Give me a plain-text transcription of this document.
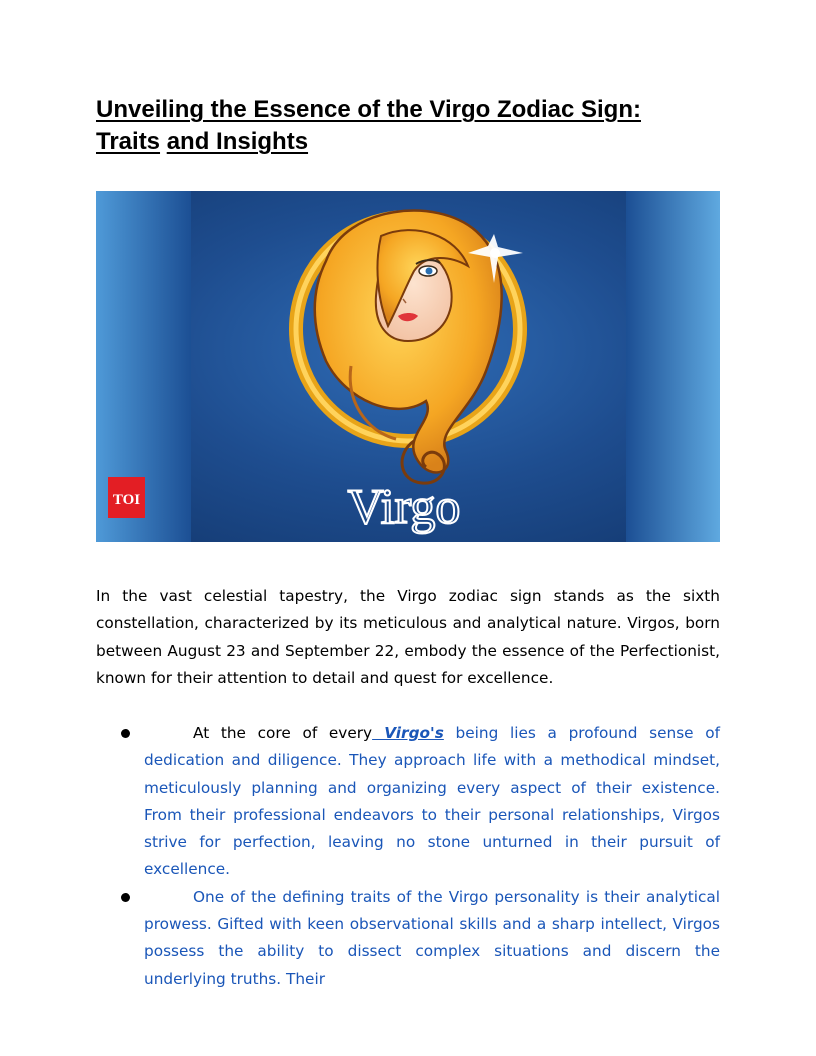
Unveiling the Essence of the Virgo Zodiac Sign:
Traits and Insights
TOI	Virgo

In the vast celestial tapestry, the Virgo zodiac sign stands as the sixth constellation, characterized by its meticulous and analytical nature. Virgos, born between August 23 and September 22, embody the essence of the Perfectionist, known for their attention to detail and quest for excellence.

At the core of every Virgo's being lies a profound sense of dedication and diligence. They approach life with a methodical mindset, meticulously planning and organizing every aspect of their existence. From their professional endeavors to their personal relationships, Virgos strive for perfection, leaving no stone unturned in their pursuit of excellence.
One of the defining traits of the Virgo personality is their analytical prowess. Gifted with keen observational skills and a sharp intellect, Virgos possess the ability to dissect complex situations and discern the underlying truths. Their
